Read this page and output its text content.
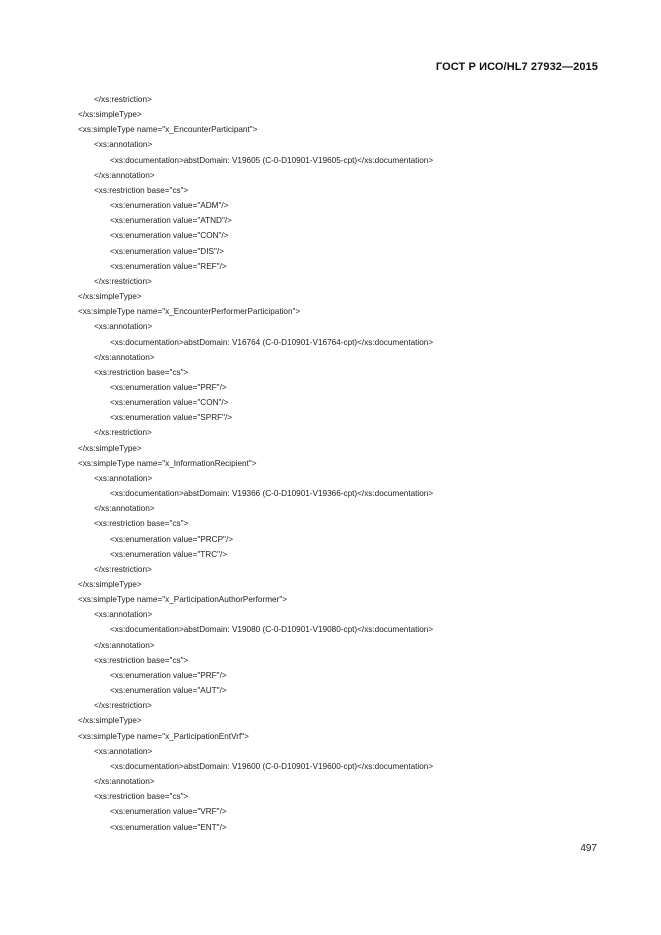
ГОСТ Р ИСО/HL7 27932—2015
</xs:restriction>
</xs:simpleType>
<xs:simpleType name="x_EncounterParticipant">
<xs:annotation>
<xs:documentation>abstDomain: V19605 (C-0-D10901-V19605-cpt)</xs:documentation>
</xs:annotation>
<xs:restriction base="cs">
<xs:enumeration value="ADM"/>
<xs:enumeration value="ATND"/>
<xs:enumeration value="CON"/>
<xs:enumeration value="DIS"/>
<xs:enumeration value="REF"/>
</xs:restriction>
</xs:simpleType>
<xs:simpleType name="x_EncounterPerformerParticipation">
<xs:annotation>
<xs:documentation>abstDomain: V16764 (C-0-D10901-V16764-cpt)</xs:documentation>
</xs:annotation>
<xs:restriction base="cs">
<xs:enumeration value="PRF"/>
<xs:enumeration value="CON"/>
<xs:enumeration value="SPRF"/>
</xs:restriction>
</xs:simpleType>
<xs:simpleType name="x_InformationRecipient">
<xs:annotation>
<xs:documentation>abstDomain: V19366 (C-0-D10901-V19366-cpt)</xs:documentation>
</xs:annotation>
<xs:restriction base="cs">
<xs:enumeration value="PRCP"/>
<xs:enumeration value="TRC"/>
</xs:restriction>
</xs:simpleType>
<xs:simpleType name="x_ParticipationAuthorPerformer">
<xs:annotation>
<xs:documentation>abstDomain: V19080 (C-0-D10901-V19080-cpt)</xs:documentation>
</xs:annotation>
<xs:restriction base="cs">
<xs:enumeration value="PRF"/>
<xs:enumeration value="AUT"/>
</xs:restriction>
</xs:simpleType>
<xs:simpleType name="x_ParticipationEntVrf">
<xs:annotation>
<xs:documentation>abstDomain: V19600 (C-0-D10901-V19600-cpt)</xs:documentation>
</xs:annotation>
<xs:restriction base="cs">
<xs:enumeration value="VRF"/>
<xs:enumeration value="ENT"/>
497
